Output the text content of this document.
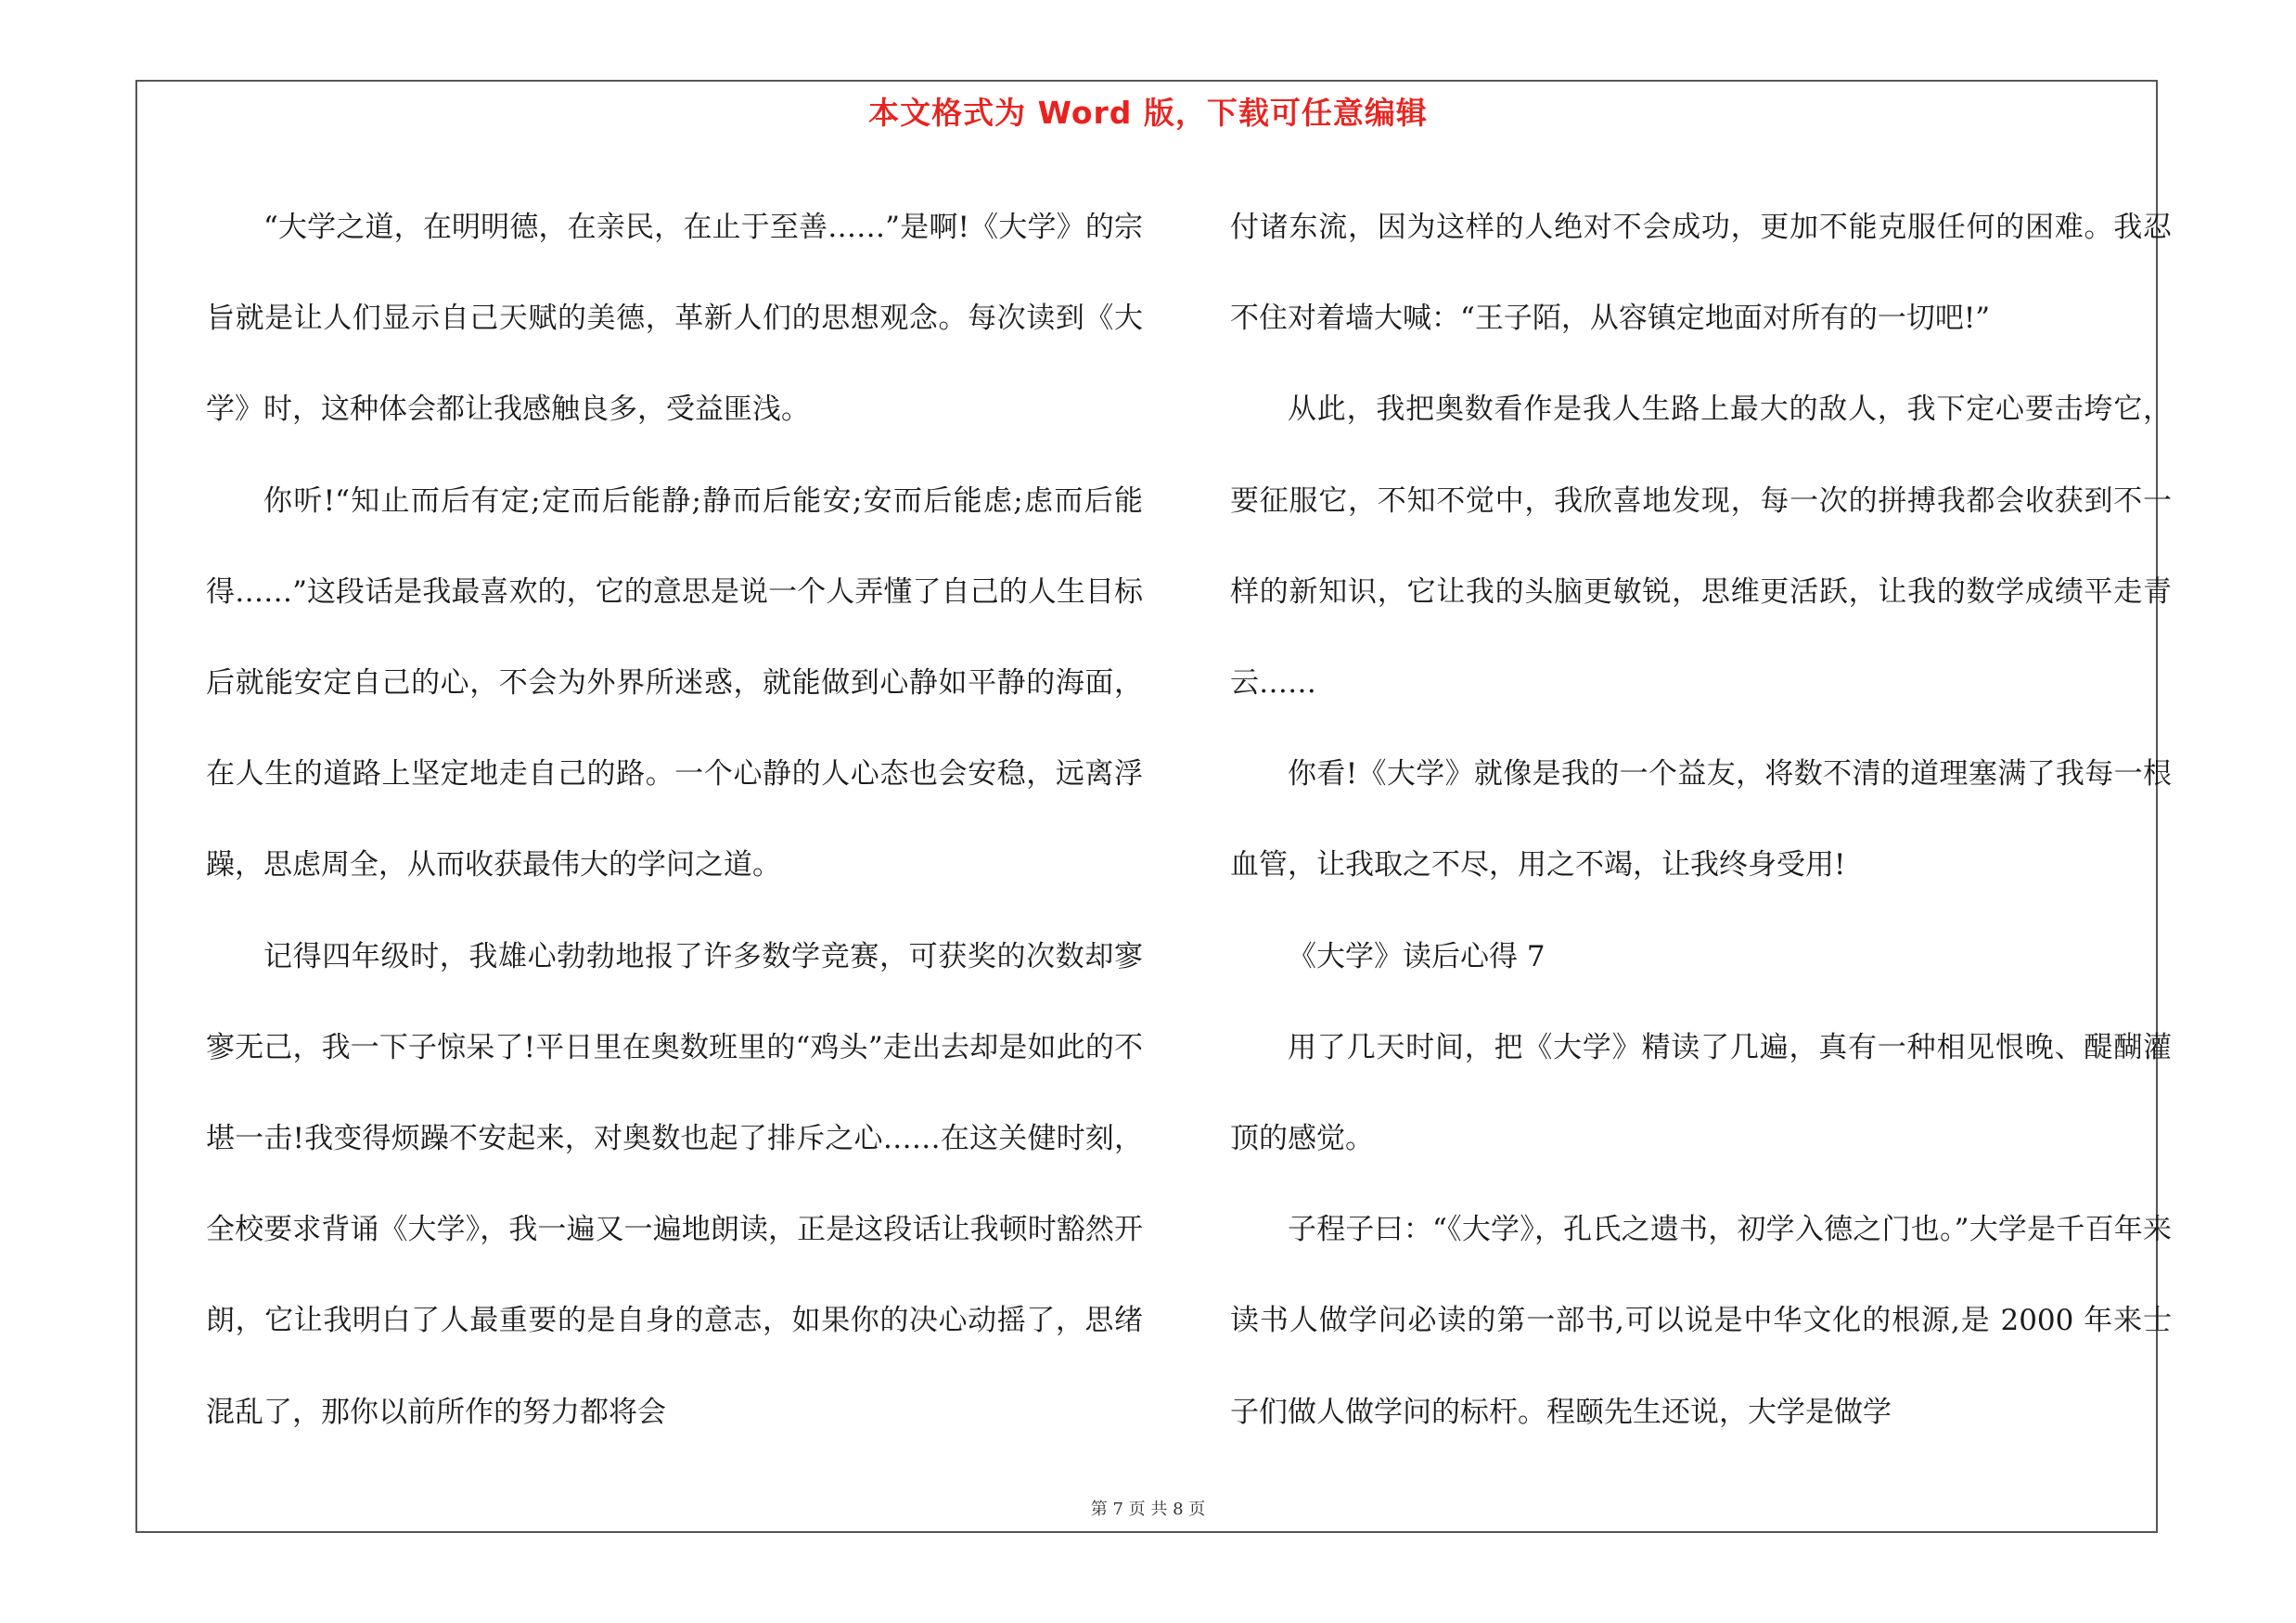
本文格式为 Word 版，下载可任意编辑

“大学之道，在明明德，在亲民，在止于至善……”是啊!《大学》的宗旨就是让人们显示自己天赋的美德，革新人们的思想观念。每次读到《大学》时，这种体会都让我感触良多，受益匪浅。

你听!“知止而后有定;定而后能静;静而后能安;安而后能虑;虑而后能得……”这段话是我最喜欢的，它的意思是说一个人弄懂了自己的人生目标后就能安定自己的心，不会为外界所迷惑，就能做到心静如平静的海面，在人生的道路上坚定地走自己的路。一个心静的人心态也会安稳，远离浮躁，思虑周全，从而收获最伟大的学问之道。

记得四年级时，我雄心勃勃地报了许多数学竞赛，可获奖的次数却寥寥无己，我一下子惊呆了!平日里在奥数班里的“鸡头”走出去却是如此的不堪一击!我变得烦躁不安起来，对奥数也起了排斥之心……在这关健时刻，全校要求背诵《大学》，我一遍又一遍地朗读，正是这段话让我顿时豁然开朗，它让我明白了人最重要的是自身的意志，如果你的决心动摇了，思绪混乱了，那你以前所作的努力都将会

付诸东流，因为这样的人绝对不会成功，更加不能克服任何的困难。我忍不住对着墙大喊：“王子陌，从容镇定地面对所有的一切吧!”

从此，我把奥数看作是我人生路上最大的敌人，我下定心要击垮它，要征服它，不知不觉中，我欣喜地发现，每一次的拼搏我都会收获到不一样的新知识，它让我的头脑更敏锐，思维更活跃，让我的数学成绩平走青云……

你看!《大学》就像是我的一个益友，将数不清的道理塞满了我每一根血管，让我取之不尽，用之不竭，让我终身受用!

《大学》读后心得 7

用了几天时间，把《大学》精读了几遍，真有一种相见恨晚、醍醐灌顶的感觉。

子程子曰：“《大学》，孔氏之遗书，初学入德之门也。”大学是千百年来读书人做学问必读的第一部书,可以说是中华文化的根源,是 2000 年来士子们做人做学问的标杆。程颐先生还说，大学是做学

第 7 页 共 8 页
